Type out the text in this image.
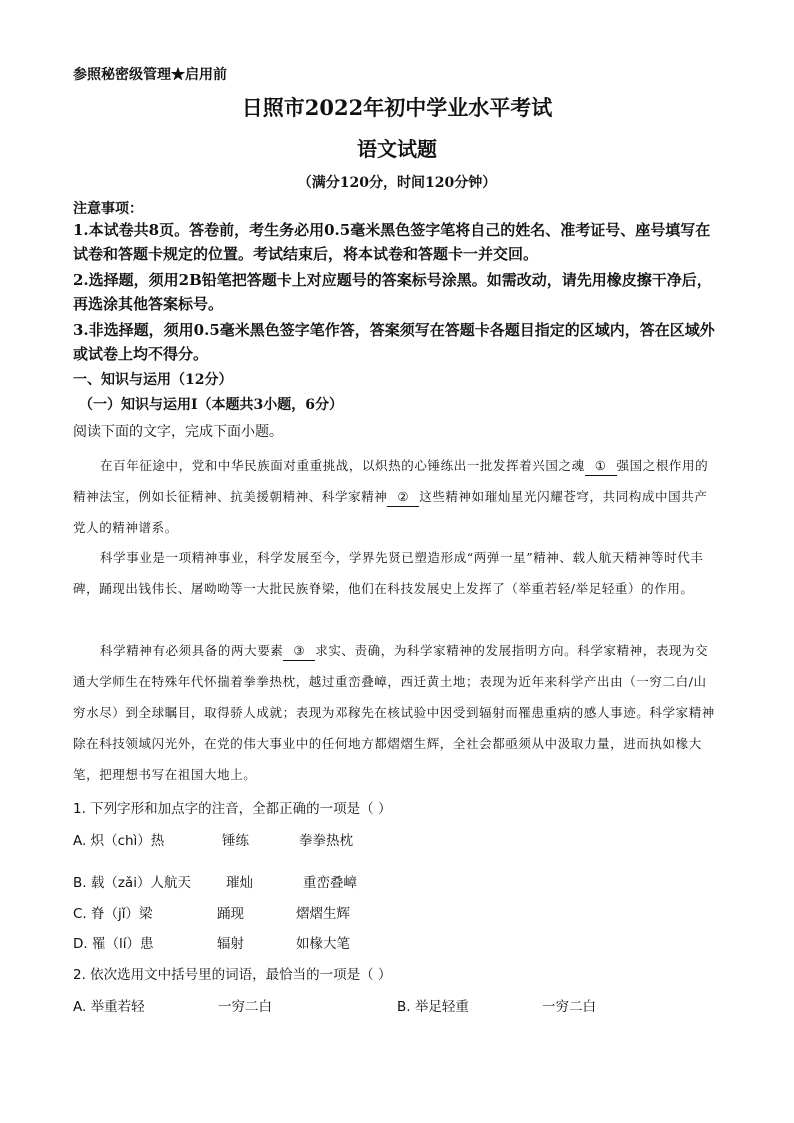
参照秘密级管理★启用前
日照市2022年初中学业水平考试
语文试题
（满分120分，时间120分钟）
注意事项：
1.本试卷共8页。答卷前，考生务必用0.5毫米黑色签字笔将自己的姓名、准考证号、座号填写在试卷和答题卡规定的位置。考试结束后，将本试卷和答题卡一并交回。
2.选择题，须用2B铅笔把答题卡上对应题号的答案标号涂黑。如需改动，请先用橡皮擦干净后，再选涂其他答案标号。
3.非选择题，须用0.5毫米黑色签字笔作答，答案须写在答题卡各题目指定的区域内，答在区域外或试卷上均不得分。
一、知识与运用（12分）
（一）知识与运用Ⅰ（本题共3小题，6分）
阅读下面的文字，完成下面小题。
在百年征途中，党和中华民族面对重重挑战，以炽热的心锤练出一批发挥着兴国之魂 ① 强国之根作用的精神法宝，例如长征精神、抗美援朝精神、科学家精神 ② 这些精神如璀灿星光闪耀苍穹，共同构成中国共产党人的精神谱系。
科学事业是一项精神事业，科学发展至今，学界先贤已塑造形成“两弹一星”精神、载人航天精神等时代丰碑，踊现出钱伟长、屠呦呦等一大批民族脊梁，他们在科技发展史上发挥了（举重若轻/举足轻重）的作用。
科学精神有必须具备的两大要素 ③ 求实、责确，为科学家精神的发展指明方向。科学家精神，表现为交通大学师生在特殊年代怀揣着拳拳热枕，越过重峦叠嶂，西迁黄土地；表现为近年来科学产出由（一穷二白/山穷水尽）到全球瞩目，取得骄人成就；表现为邓稼先在核试验中因受到辐射而罹患重病的感人事迹。科学家精神除在科技领域闪光外，在党的伟大事业中的任何地方都熠熠生辉，全社会都亟须从中汲取力量，进而执如椽大笔，把理想书写在祖国大地上。
1. 下列字形和加点字的注音，全都正确的一项是（ ）
A. 炽（chì）热	锤练	拳拳热枕
B. 载（zǎi）人航天	璀灿	重峦叠嶂
C. 脊（jǐ）梁	踊现	熠熠生辉
D. 罹（lí）患	辐射	如椽大笔
2. 依次选用文中括号里的词语，最恰当的一项是（ ）
A. 举重若轻	一穷二白	B. 举足轻重	一穷二白
